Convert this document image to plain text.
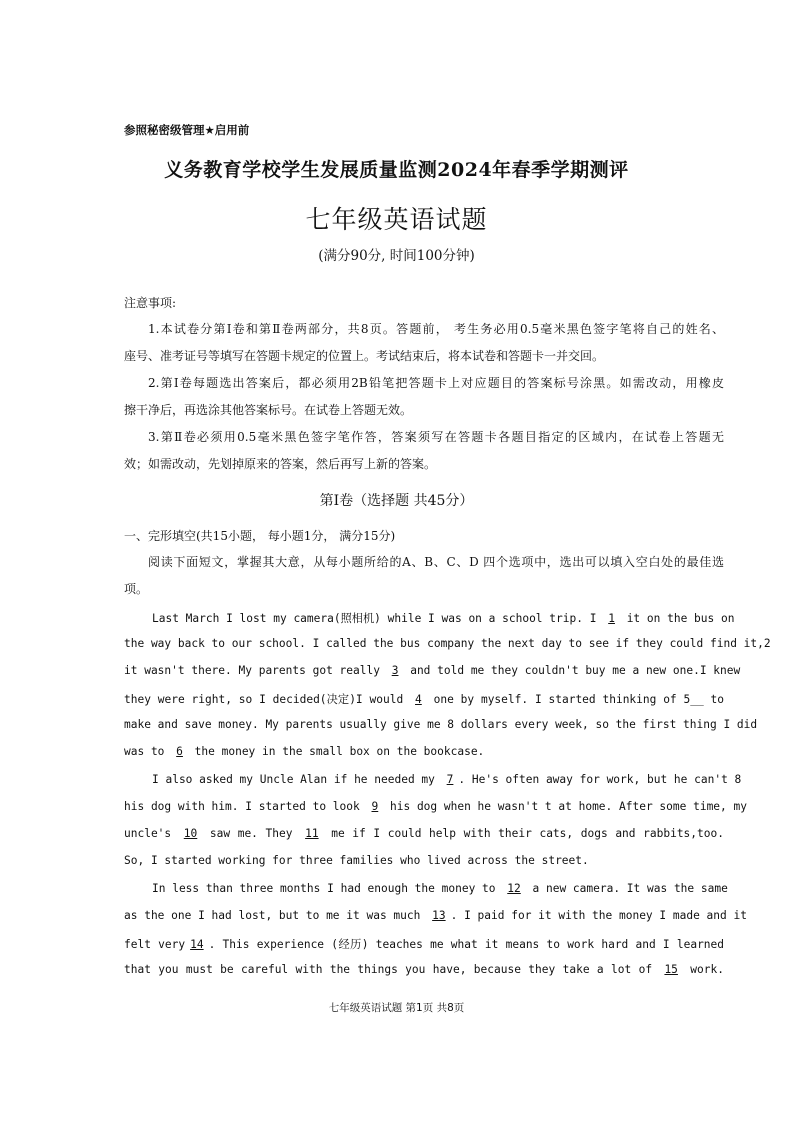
参照秘密级管理★启用前
义务教育学校学生发展质量监测2024年春季学期测评
七年级英语试题
(满分90分, 时间100分钟)
注意事项:
1.本试卷分第Ⅰ卷和第Ⅱ卷两部分，共8页。答题前， 考生务必用0.5毫米黑色签字笔将自己的姓名、
座号、准考证号等填写在答题卡规定的位置上。考试结束后，将本试卷和答题卡一并交回。
2.第Ⅰ卷每题选出答案后，都必须用2B铅笔把答题卡上对应题目的答案标号涂黑。如需改动，用橡皮
擦干净后，再选涂其他答案标号。在试卷上答题无效。
3.第Ⅱ卷必须用0.5毫米黑色签字笔作答，答案须写在答题卡各题目指定的区域内，在试卷上答题无
效；如需改动，先划掉原来的答案，然后再写上新的答案。
第Ⅰ卷（选择题 共45分）
一、完形填空(共15小题， 每小题1分， 满分15分)
阅读下面短文，掌握其大意，从每小题所给的A、B、C、D 四个选项中，选出可以填入空白处的最佳选
项。
Last March I lost my camera(照相机) while I was on a school trip. I 1 it on the bus on
the way back to our school. I called the bus company the next day to see if they could find it,2
it wasn't there. My parents got really 3 and told me they couldn't buy me a new one.I knew
they were right, so I decided(决定)I would 4 one by myself. I started thinking of 5__ to
make and save money. My parents usually give me 8 dollars every week, so the first thing I did
was to 6 the money in the small box on the bookcase.
I also asked my Uncle Alan if he needed my 7 . He's often away for work, but he can't 8
his dog with him. I started to look 9 his dog when he wasn't t at home. After some time, my
uncle's 10 saw me. They 11 me if I could help with their cats, dogs and rabbits,too.
So, I started working for three families who lived across the street.
In less than three months I had enough the money to 12 a new camera. It was the same
as the one I had lost, but to me it was much 13 . I paid for it with the money I made and it
felt very 14 . This experience (经历) teaches me what it means to work hard and I learned
that you must be careful with the things you have, because they take a lot of 15 work.
七年级英语试题 第1页 共8页
